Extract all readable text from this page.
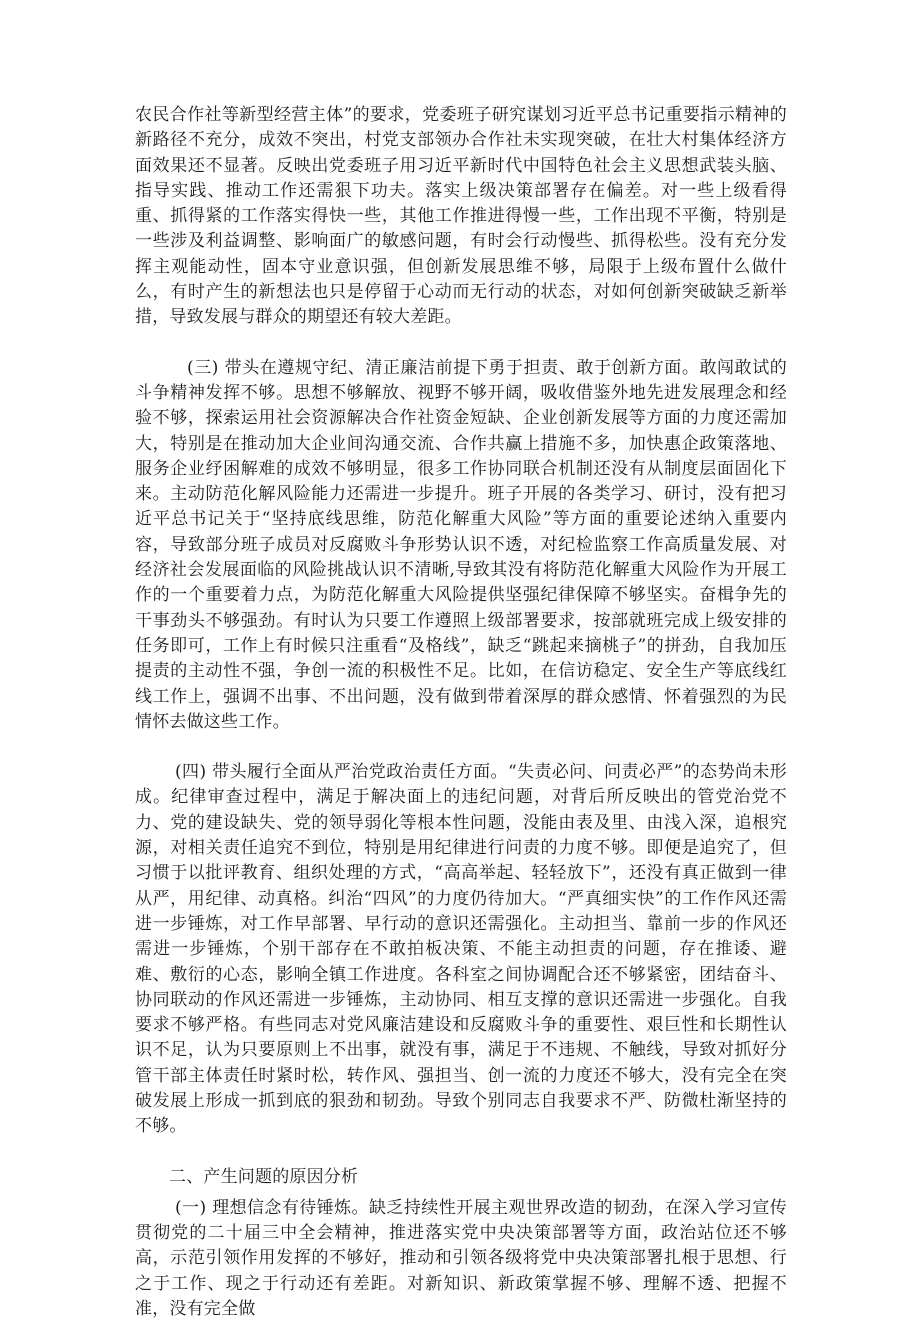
农民合作社等新型经营主体”的要求，党委班子研究谋划习近平总书记重要指示精神的新路径不充分，成效不突出，村党支部领办合作社未实现突破，在壮大村集体经济方面效果还不显著。反映出党委班子用习近平新时代中国特色社会主义思想武装头脑、指导实践、推动工作还需狠下功夫。落实上级决策部署存在偏差。对一些上级看得重、抓得紧的工作落实得快一些，其他工作推进得慢一些，工作出现不平衡，特别是一些涉及利益调整、影响面广的敏感问题，有时会行动慢些、抓得松些。没有充分发挥主观能动性，固本守业意识强，但创新发展思维不够，局限于上级布置什么做什么，有时产生的新想法也只是停留于心动而无行动的状态，对如何创新突破缺乏新举措，导致发展与群众的期望还有较大差距。

(三) 带头在遵规守纪、清正廉洁前提下勇于担责、敢于创新方面。敢闯敢试的斗争精神发挥不够。思想不够解放、视野不够开阔，吸收借鉴外地先进发展理念和经验不够，探索运用社会资源解决合作社资金短缺、企业创新发展等方面的力度还需加大，特别是在推动加大企业间沟通交流、合作共赢上措施不多，加快惠企政策落地、服务企业纾困解难的成效不够明显，很多工作协同联合机制还没有从制度层面固化下来。主动防范化解风险能力还需进一步提升。班子开展的各类学习、研讨，没有把习近平总书记关于“坚持底线思维，防范化解重大风险”等方面的重要论述纳入重要内容，导致部分班子成员对反腐败斗争形势认识不透，对纪检监察工作高质量发展、对经济社会发展面临的风险挑战认识不清晰,导致其没有将防范化解重大风险作为开展工作的一个重要着力点，为防范化解重大风险提供坚强纪律保障不够坚实。奋楫争先的干事劲头不够强劲。有时认为只要工作遵照上级部署要求，按部就班完成上级安排的任务即可，工作上有时候只注重看“及格线”，缺乏“跳起来摘桃子”的拼劲，自我加压提责的主动性不强，争创一流的积极性不足。比如，在信访稳定、安全生产等底线红线工作上，强调不出事、不出问题，没有做到带着深厚的群众感情、怀着强烈的为民情怀去做这些工作。

(四) 带头履行全面从严治党政治责任方面。“失责必问、问责必严”的态势尚未形成。纪律审查过程中，满足于解决面上的违纪问题，对背后所反映出的管党治党不力、党的建设缺失、党的领导弱化等根本性问题，没能由表及里、由浅入深，追根究源，对相关责任追究不到位，特别是用纪律进行问责的力度不够。即便是追究了，但习惯于以批评教育、组织处理的方式，“高高举起、轻轻放下”，还没有真正做到一律从严，用纪律、动真格。纠治“四风”的力度仍待加大。“严真细实快”的工作作风还需进一步锤炼，对工作早部署、早行动的意识还需强化。主动担当、靠前一步的作风还需进一步锤炼，个别干部存在不敢拍板决策、不能主动担责的问题，存在推诿、避难、敷衍的心态，影响全镇工作进度。各科室之间协调配合还不够紧密，团结奋斗、协同联动的作风还需进一步锤炼，主动协同、相互支撑的意识还需进一步强化。自我要求不够严格。有些同志对党风廉洁建设和反腐败斗争的重要性、艰巨性和长期性认识不足，认为只要原则上不出事，就没有事，满足于不违规、不触线，导致对抓好分管干部主体责任时紧时松，转作风、强担当、创一流的力度还不够大，没有完全在突破发展上形成一抓到底的狠劲和韧劲。导致个别同志自我要求不严、防微杜渐坚持的不够。

二、产生问题的原因分析

(一) 理想信念有待锤炼。缺乏持续性开展主观世界改造的韧劲，在深入学习宣传贯彻党的二十届三中全会精神，推进落实党中央决策部署等方面，政治站位还不够高，示范引领作用发挥的不够好，推动和引领各级将党中央决策部署扎根于思想、行之于工作、现之于行动还有差距。对新知识、新政策掌握不够、理解不透、把握不准，没有完全做
